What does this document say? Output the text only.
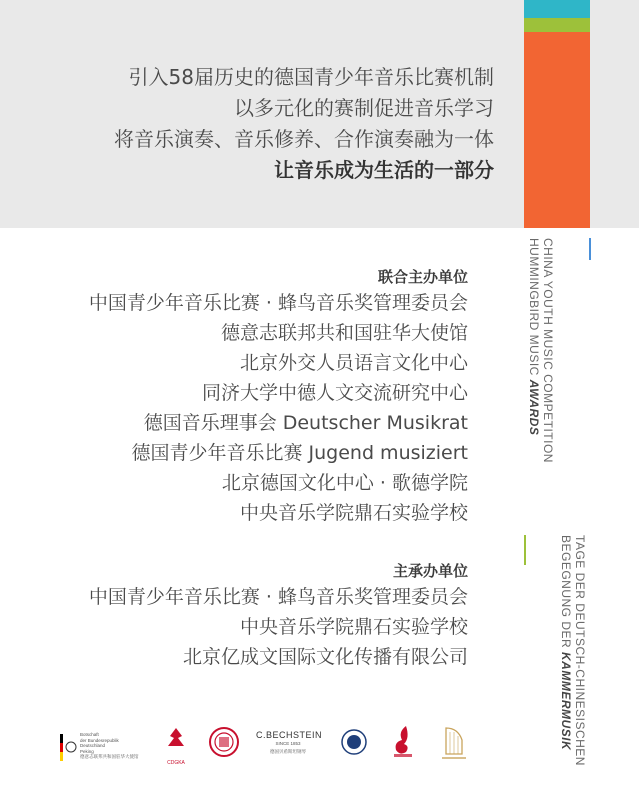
引入58届历史的德国青少年音乐比赛机制
以多元化的赛制促进音乐学习
将音乐演奏、音乐修养、合作演奏融为一体
让音乐成为生活的一部分
联合主办单位
中国青少年音乐比赛 · 蜂鸟音乐奖管理委员会
德意志联邦共和国驻华大使馆
北京外交人员语言文化中心
同济大学中德人文交流研究中心
德国音乐理事会 Deutscher Musikrat
德国青少年音乐比赛 Jugend musiziert
北京德国文化中心 · 歌德学院
中央音乐学院鼎石实验学校
主承办单位
中国青少年音乐比赛 · 蜂鸟音乐奖管理委员会
中央音乐学院鼎石实验学校
北京亿成文国际文化传播有限公司
CHINA YOUTH MUSIC COMPETITION
HUMMINGBIRD MUSIC AWARDS
TAGE DER DEUTSCH-CHINESISCHEN
BEGEGNUNG DER KAMMERMUSIK
Botschaft
der Bundesrepublik Deutschland
Peking
德意志联邦共和国驻华大使馆
CDGKA
C.BECHSTEIN
SINCE 1853
德国贝希斯坦钢琴
